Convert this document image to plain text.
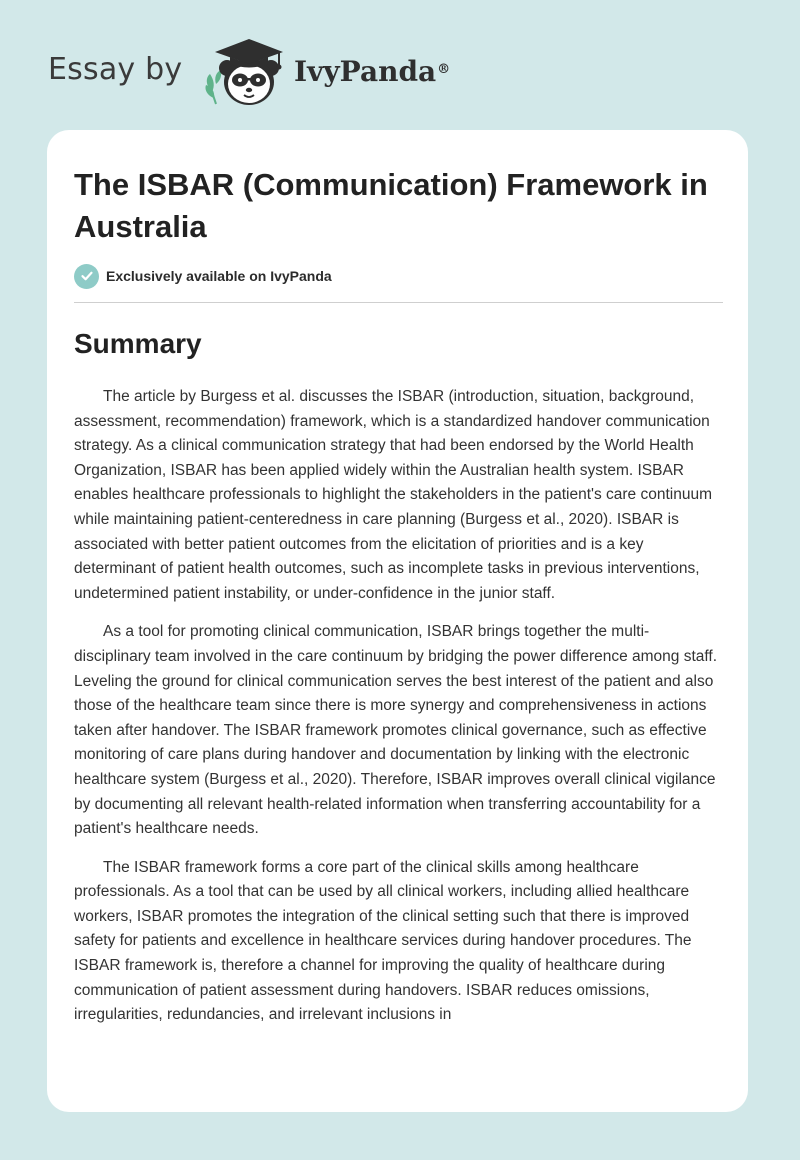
Essay by	IvyPanda®
The ISBAR (Communication) Framework in Australia
Exclusively available on IvyPanda
Summary

The article by Burgess et al. discusses the ISBAR (introduction, situation, background, assessment, recommendation) framework, which is a standardized handover communication strategy. As a clinical communication strategy that had been endorsed by the World Health Organization, ISBAR has been applied widely within the Australian health system. ISBAR enables healthcare professionals to highlight the stakeholders in the patient's care continuum while maintaining patient-centeredness in care planning (Burgess et al., 2020). ISBAR is associated with better patient outcomes from the elicitation of priorities and is a key determinant of patient health outcomes, such as incomplete tasks in previous interventions, undetermined patient instability, or under-confidence in the junior staff.

As a tool for promoting clinical communication, ISBAR brings together the multi-disciplinary team involved in the care continuum by bridging the power difference among staff. Leveling the ground for clinical communication serves the best interest of the patient and also those of the healthcare team since there is more synergy and comprehensiveness in actions taken after handover. The ISBAR framework promotes clinical governance, such as effective monitoring of care plans during handover and documentation by linking with the electronic healthcare system (Burgess et al., 2020). Therefore, ISBAR improves overall clinical vigilance by documenting all relevant health-related information when transferring accountability for a patient's healthcare needs.

The ISBAR framework forms a core part of the clinical skills among healthcare professionals. As a tool that can be used by all clinical workers, including allied healthcare workers, ISBAR promotes the integration of the clinical setting such that there is improved safety for patients and excellence in healthcare services during handover procedures. The ISBAR framework is, therefore a channel for improving the quality of healthcare during communication of patient assessment during handovers. ISBAR reduces omissions, irregularities, redundancies, and irrelevant inclusions in
